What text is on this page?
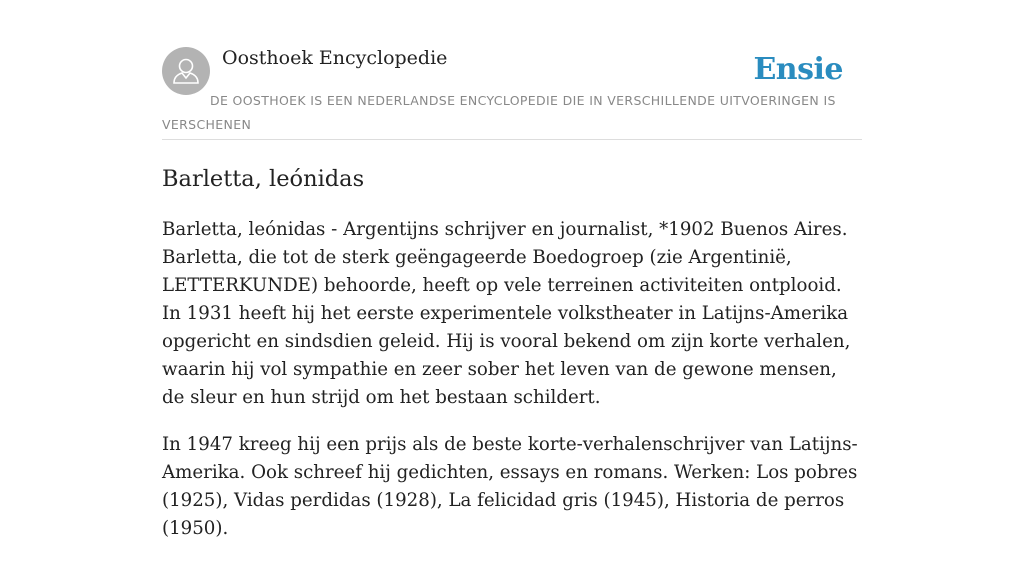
Oosthoek Encyclopedie	Ensie
DE OOSTHOEK IS EEN NEDERLANDSE ENCYCLOPEDIE DIE IN VERSCHILLENDE UITVOERINGEN IS VERSCHENEN
Barletta, leónidas

Barletta, leónidas - Argentijns schrijver en journalist, *1902 Buenos Aires. Barletta, die tot de sterk geëngageerde Boedogroep (zie Argentinië, LETTERKUNDE) behoorde, heeft op vele terreinen activiteiten ontplooid. In 1931 heeft hij het eerste experimentele volkstheater in Latijns-Amerika opgericht en sindsdien geleid. Hij is vooral bekend om zijn korte verhalen, waarin hij vol sympathie en zeer sober het leven van de gewone mensen, de sleur en hun strijd om het bestaan schildert.

In 1947 kreeg hij een prijs als de beste korte-verhalenschrijver van Latijns-Amerika. Ook schreef hij gedichten, essays en romans. Werken: Los pobres (1925), Vidas perdidas (1928), La felicidad gris (1945), Historia de perros (1950).
